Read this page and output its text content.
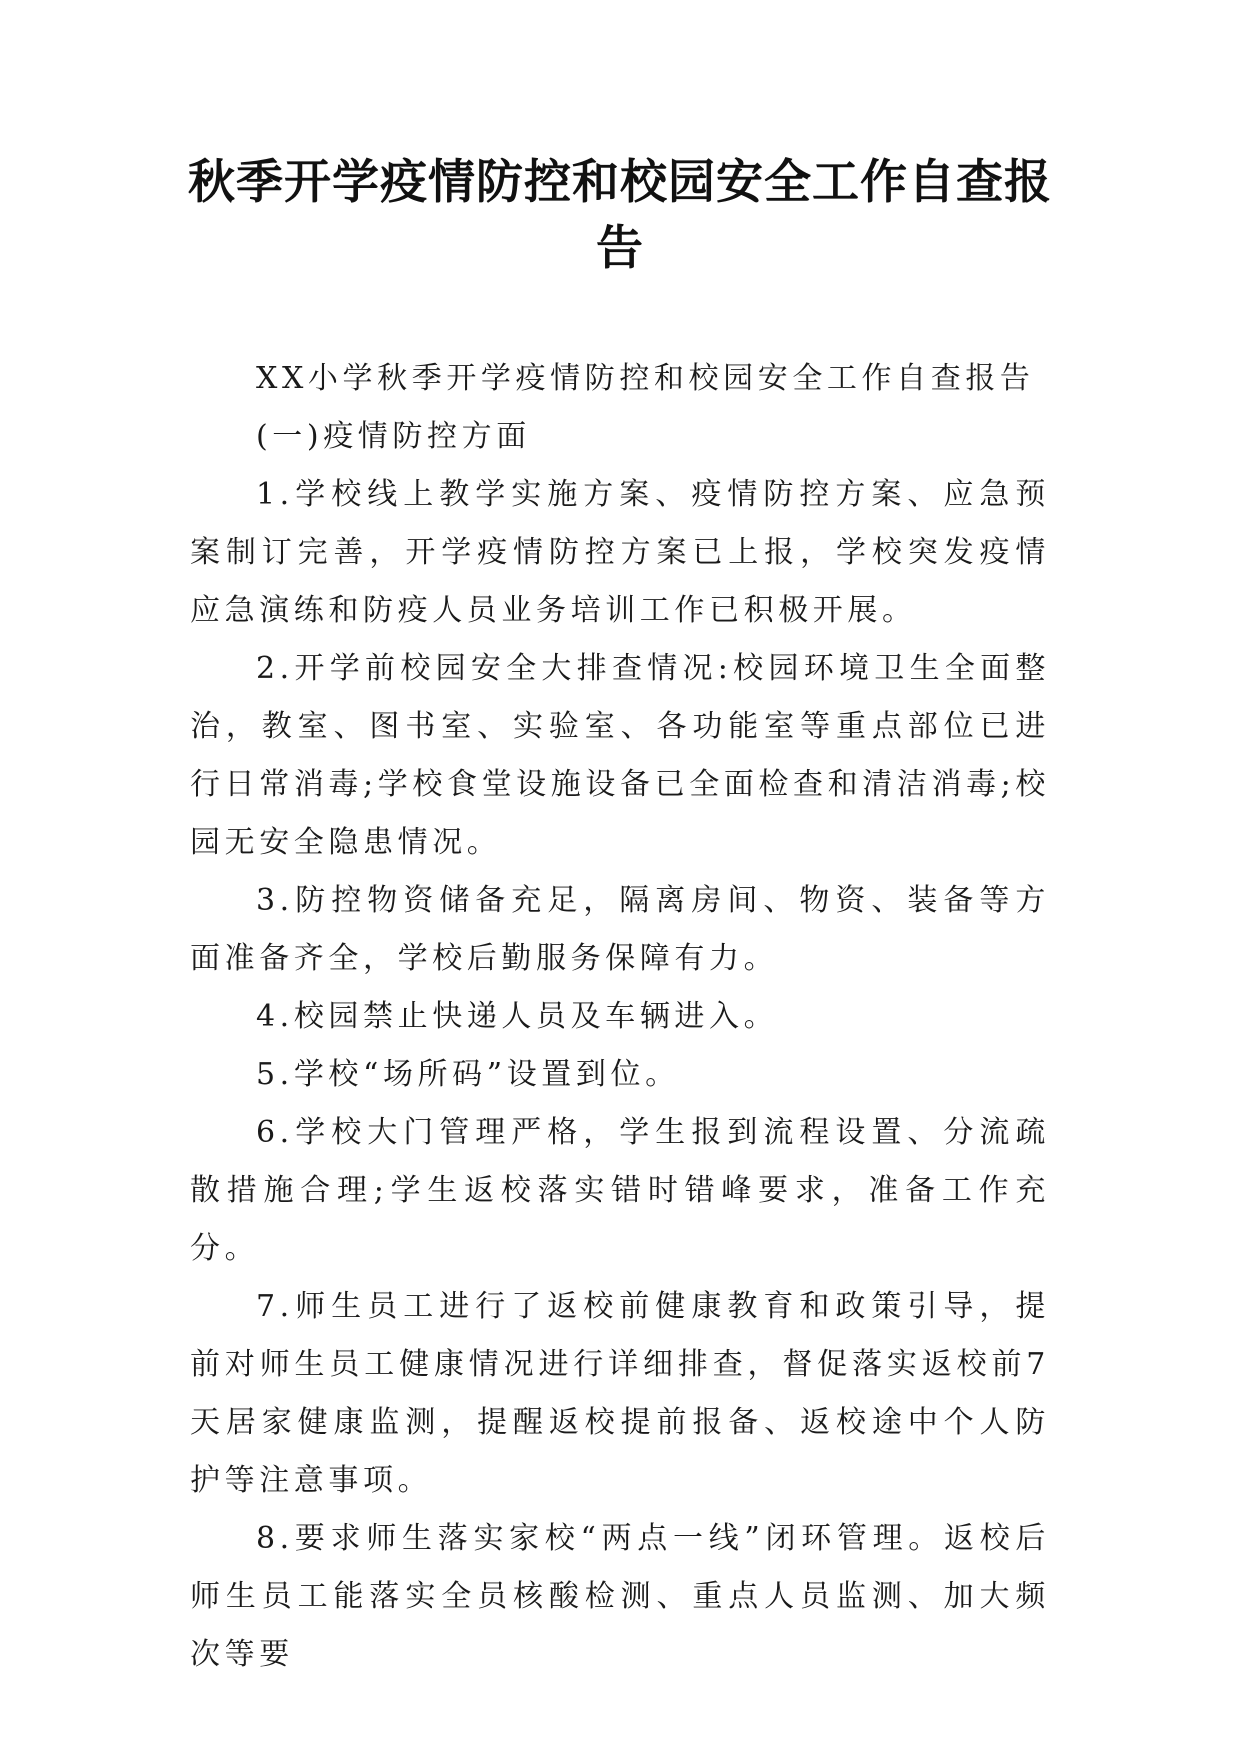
秋季开学疫情防控和校园安全工作自查报告

XX小学秋季开学疫情防控和校园安全工作自查报告

(一)疫情防控方面

1.学校线上教学实施方案、疫情防控方案、应急预案制订完善，开学疫情防控方案已上报，学校突发疫情应急演练和防疫人员业务培训工作已积极开展。

2.开学前校园安全大排查情况:校园环境卫生全面整治，教室、图书室、实验室、各功能室等重点部位已进行日常消毒;学校食堂设施设备已全面检查和清洁消毒;校园无安全隐患情况。

3.防控物资储备充足，隔离房间、物资、装备等方面准备齐全，学校后勤服务保障有力。

4.校园禁止快递人员及车辆进入。

5.学校“场所码”设置到位。

6.学校大门管理严格，学生报到流程设置、分流疏散措施合理;学生返校落实错时错峰要求，准备工作充分。

7.师生员工进行了返校前健康教育和政策引导，提前对师生员工健康情况进行详细排查，督促落实返校前7天居家健康监测，提醒返校提前报备、返校途中个人防护等注意事项。

8.要求师生落实家校“两点一线”闭环管理。返校后师生员工能落实全员核酸检测、重点人员监测、加大频次等要
